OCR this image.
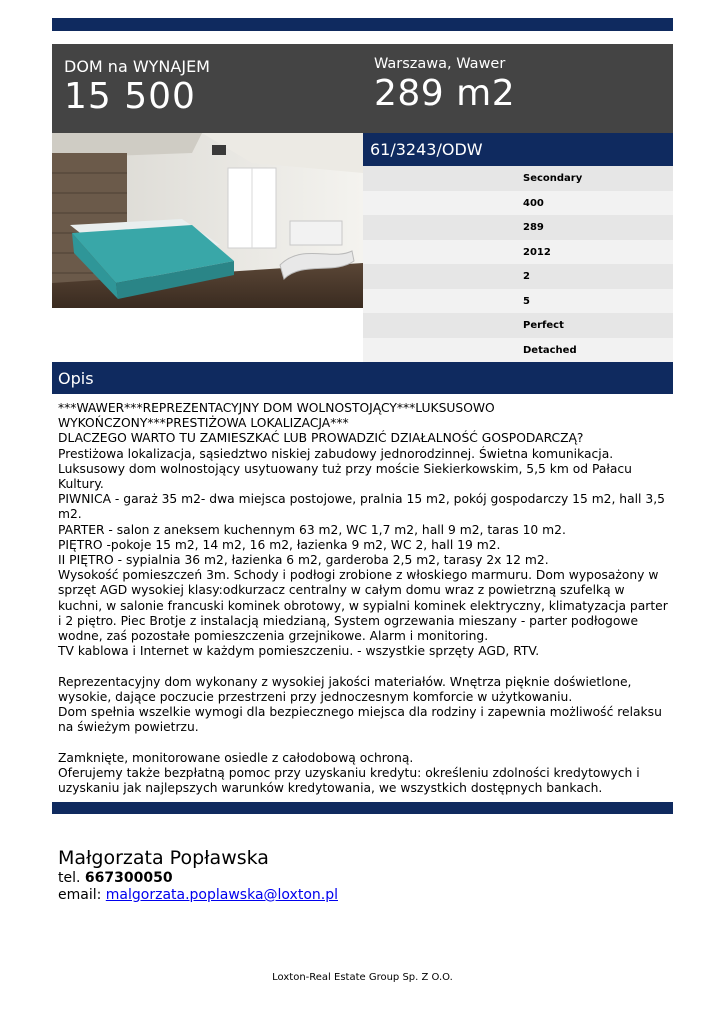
DOM na WYNAJEM
15 500
Warszawa, Wawer
289 m2
61/3243/ODW
Secondary
400
289
2012
2
5
Perfect
Detached
Opis

***WAWER***REPREZENTACYJNY DOM WOLNOSTOJĄCY***LUKSUSOWO WYKOŃCZONY***PRESTIŻOWA LOKALIZACJA***
DLACZEGO WARTO TU ZAMIESZKAĆ LUB PROWADZIĆ DZIAŁALNOŚĆ GOSPODARCZĄ?
Prestiżowa lokalizacja, sąsiedztwo niskiej zabudowy jednorodzinnej. Świetna komunikacja.
Luksusowy dom wolnostojący usytuowany tuż przy moście Siekierkowskim, 5,5 km od Pałacu Kultury.
PIWNICA - garaż 35 m2- dwa miejsca postojowe, pralnia 15 m2, pokój gospodarczy 15 m2, hall 3,5 m2.
PARTER - salon z aneksem kuchennym 63 m2, WC 1,7 m2, hall 9 m2, taras 10 m2.
PIĘTRO -pokoje 15 m2, 14 m2, 16 m2, łazienka 9 m2, WC 2, hall 19 m2.
II PIĘTRO - sypialnia 36 m2, łazienka 6 m2, garderoba 2,5 m2, tarasy 2x 12 m2.
Wysokość pomieszczeń 3m. Schody i podłogi zrobione z włoskiego marmuru. Dom wyposażony w sprzęt AGD wysokiej klasy:odkurzacz centralny w całym domu wraz z powietrzną szufelką w kuchni, w salonie francuski kominek obrotowy, w sypialni kominek elektryczny, klimatyzacja parter i 2 piętro. Piec Brotje z instalacją miedzianą, System ogrzewania mieszany - parter podłogowe wodne, zaś pozostałe pomieszczenia grzejnikowe. Alarm i monitoring.
TV kablowa i Internet w każdym pomieszczeniu. - wszystkie sprzęty AGD, RTV.

Reprezentacyjny dom wykonany z wysokiej jakości materiałów. Wnętrza pięknie doświetlone, wysokie, dające poczucie przestrzeni przy jednoczesnym komforcie w użytkowaniu.
Dom spełnia wszelkie wymogi dla bezpiecznego miejsca dla rodziny i zapewnia możliwość relaksu na świeżym powietrzu.

Zamknięte, monitorowane osiedle z całodobową ochroną.
Oferujemy także bezpłatną pomoc przy uzyskaniu kredytu: określeniu zdolności kredytowych i uzyskaniu jak najlepszych warunków kredytowania, we wszystkich dostępnych bankach.

Małgorzata Popławska
tel. 667300050
email: malgorzata.poplawska@loxton.pl
Loxton-Real Estate Group Sp. Z O.O.
